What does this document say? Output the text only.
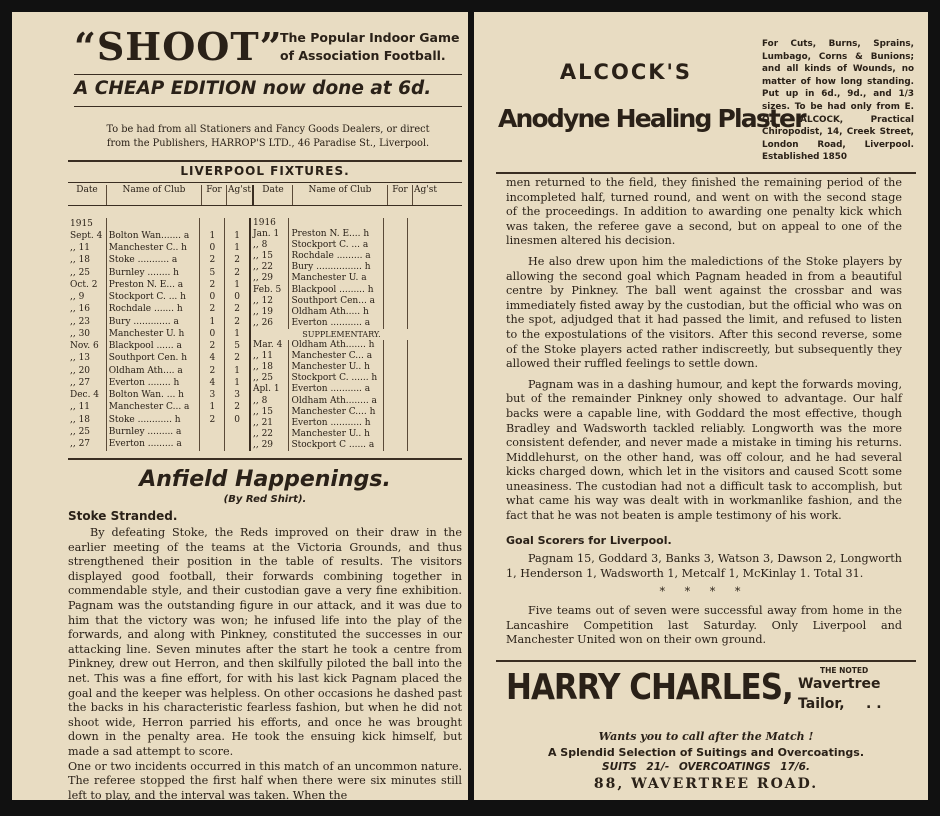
“SHOOT”
The Popular Indoor Game
of Association Football.
A CHEAP EDITION now done at 6d.
To be had from all Stationers and Fancy Goods Dealers, or direct
from the Publishers, HARROP'S LTD., 46 Paradise St., Liverpool.
LIVERPOOL FIXTURES.
Date	Name of Club	For Ag'st	Date	Name of Club	For Ag'st
1915			
Sept. 4	Bolton Wan....... a	1	1
,, 11	Manchester C.. h	0	1
,, 18	Stoke ........... a	2	2
,, 25	Burnley ........ h	5	2
Oct. 2	Preston N. E... a	2	1
,, 9	Stockport C. ... h	0	0
,, 16	Rochdale ....... h	2	2
,, 23	Bury ............. a	1	2
,, 30	Manchester U. h	0	1
Nov. 6	Blackpool ...... a	2	5
,, 13	Southport Cen. h	4	2
,, 20	Oldham Ath.... a	2	1
,, 27	Everton ........ h	4	1
Dec. 4	Bolton Wan. ... h	3	3
,, 11	Manchester C... a	1	2
,, 18	Stoke ............ h	2	0
,, 25	Burnley ......... a		
,, 27	Everton ......... a		
1916			
Jan. 1	Preston N. E.... h		
,, 8	Stockport C. ... a		
,, 15	Rochdale ......... a		
,, 22	Bury ................ h		
,, 29	Manchester U. a		
Feb. 5	Blackpool ......... h		
,, 12	Southport Cen... a		
,, 19	Oldham Ath..... h		
,, 26	Everton ........... a		
SUPPLEMENTARY.			
Mar. 4	Oldham Ath....... h		
,, 11	Manchester C... a		
,, 18	Manchester U.. h		
,, 25	Stockport C. ...... h		
Apl. 1	Everton ........... a		
,, 8	Oldham Ath........ a		
,, 15	Manchester C.... h		
,, 21	Everton ........... h		
,, 22	Manchester U.. h		
,, 29	Stockport C ...... a		
Anfield Happenings.
(By Red Shirt).
Stoke Stranded.

By defeating Stoke, the Reds improved on their draw in the earlier meeting of the teams at the Victoria Grounds, and thus strengthened their position in the table of results. The visitors displayed good football, their forwards combining together in commendable style, and their custodian gave a very fine exhibition. Pagnam was the outstanding figure in our attack, and it was due to him that the victory was won; he infused life into the play of the forwards, and along with Pinkney, constituted the successes in our attacking line. Seven minutes after the start he took a centre from Pinkney, drew out Herron, and then skilfully piloted the ball into the net. This was a fine effort, for with his last kick Pagnam placed the goal and the keeper was helpless. On other occasions he dashed past the backs in his characteristic fearless fashion, but when he did not shoot wide, Herron parried his efforts, and once he was brought down in the penalty area. He took the ensuing kick himself, but made a sad attempt to score.

One or two incidents occurred in this match of an uncommon nature. The referee stopped the first half when there were six minutes still left to play, and the interval was taken. When the

ALCOCK'S
Anodyne Healing Plaster
For Cuts, Burns, Sprains, Lumbago, Corns & Bunions; and all kinds of Wounds, no matter of how long standing. Put up in 6d., 9d., and 1/3 sizes. To be had only from E. O. ALCOCK, Practical Chiropodist, 14, Creek Street, London Road, Liverpool. Established 1850

men returned to the field, they finished the remaining period of the incompleted half, turned round, and went on with the second stage of the proceedings. In addition to awarding one penalty kick which was taken, the referee gave a second, but on appeal to one of the linesmen altered his decision.

He also drew upon him the maledictions of the Stoke players by allowing the second goal which Pagnam headed in from a beautiful centre by Pinkney. The ball went against the crossbar and was immediately fisted away by the custodian, but the official who was on the spot, adjudged that it had passed the limit, and refused to listen to the expostulations of the visitors. After this second reverse, some of the Stoke players acted rather indiscreetly, but subsequently they allowed their ruffled feelings to settle down.

Pagnam was in a dashing humour, and kept the forwards moving, but of the remainder Pinkney only showed to advantage. Our half backs were a capable line, with Goddard the most effective, though Bradley and Wadsworth tackled reliably. Longworth was the more consistent defender, and never made a mistake in timing his returns. Middlehurst, on the other hand, was off colour, and he had several kicks charged down, which let in the visitors and caused Scott some uneasiness. The custodian had not a difficult task to accomplish, but what came his way was dealt with in workmanlike fashion, and the fact that he was not beaten is ample testimony of his work.

Goal Scorers for Liverpool.

Pagnam 15, Goddard 3, Banks 3, Watson 3, Dawson 2, Longworth 1, Henderson 1, Wadsworth 1, Metcalf 1, McKinlay 1. Total 31.

* * * *

Five teams out of seven were successful away from home in the Lancashire Competition last Saturday. Only Liverpool and Manchester United won on their own ground.

HARRY CHARLES,	THE NOTED
Wavertree
Tailor, . .
Wants you to call after the Match !
A Splendid Selection of Suitings and Overcoatings.
SUITS 21/- OVERCOATINGS 17/6.
88, WAVERTREE ROAD.
